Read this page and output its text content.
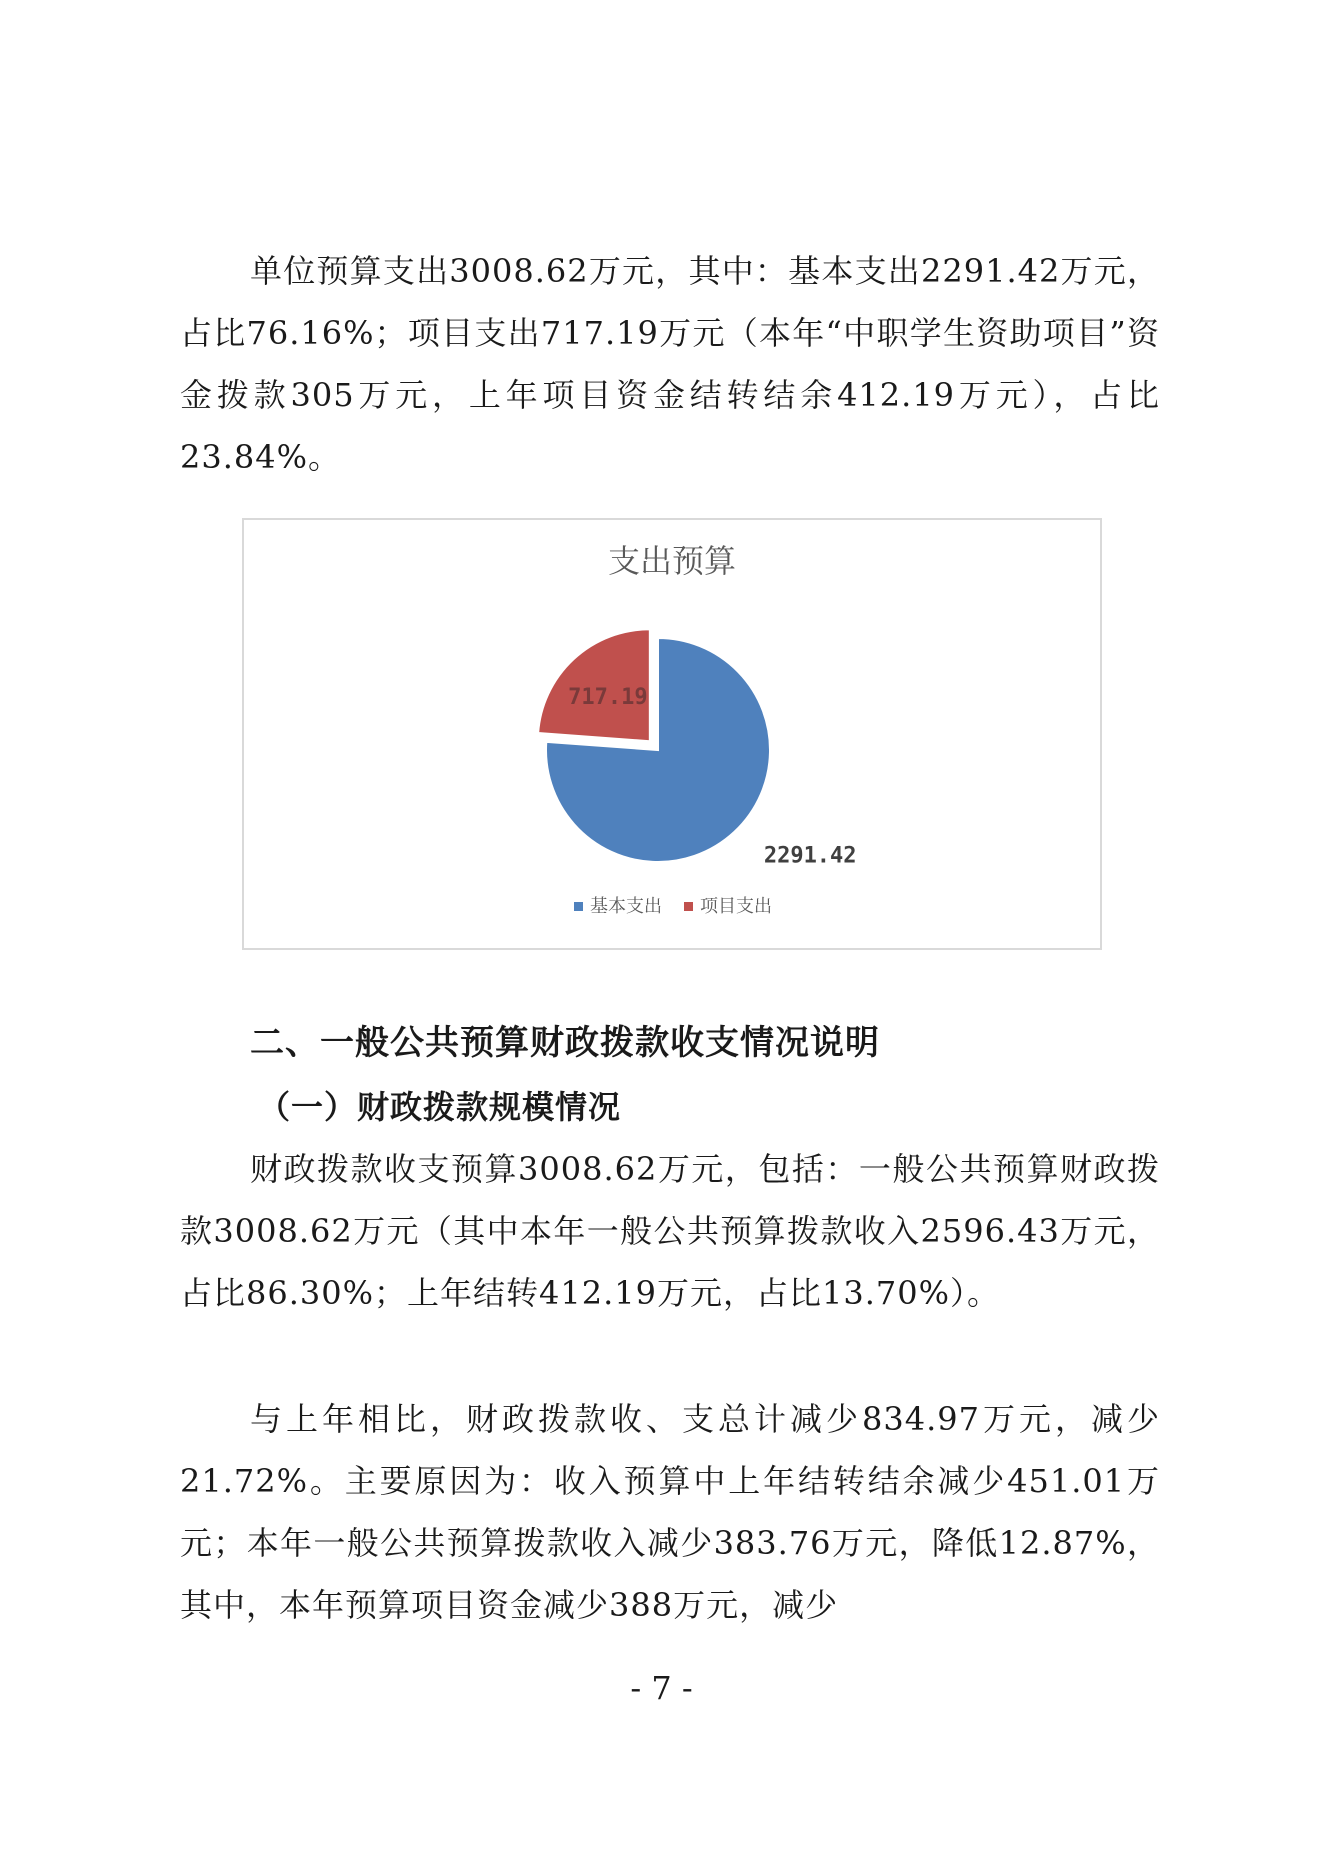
单位预算支出3008.62万元，其中：基本支出2291.42万元，占比76.16%；项目支出717.19万元（本年“中职学生资助项目”资金拨款305万元，上年项目资金结转结余412.19万元），占比23.84%。

支出预算
2291.42
717.19
基本支出 项目支出
二、一般公共预算财政拨款收支情况说明
（一）财政拨款规模情况

财政拨款收支预算3008.62万元，包括：一般公共预算财政拨款3008.62万元（其中本年一般公共预算拨款收入2596.43万元，占比86.30%；上年结转412.19万元，占比13.70%）。

与上年相比，财政拨款收、支总计减少834.97万元，减少21.72%。主要原因为：收入预算中上年结转结余减少451.01万元；本年一般公共预算拨款收入减少383.76万元，降低12.87%，其中，本年预算项目资金减少388万元，减少

- 7 -
